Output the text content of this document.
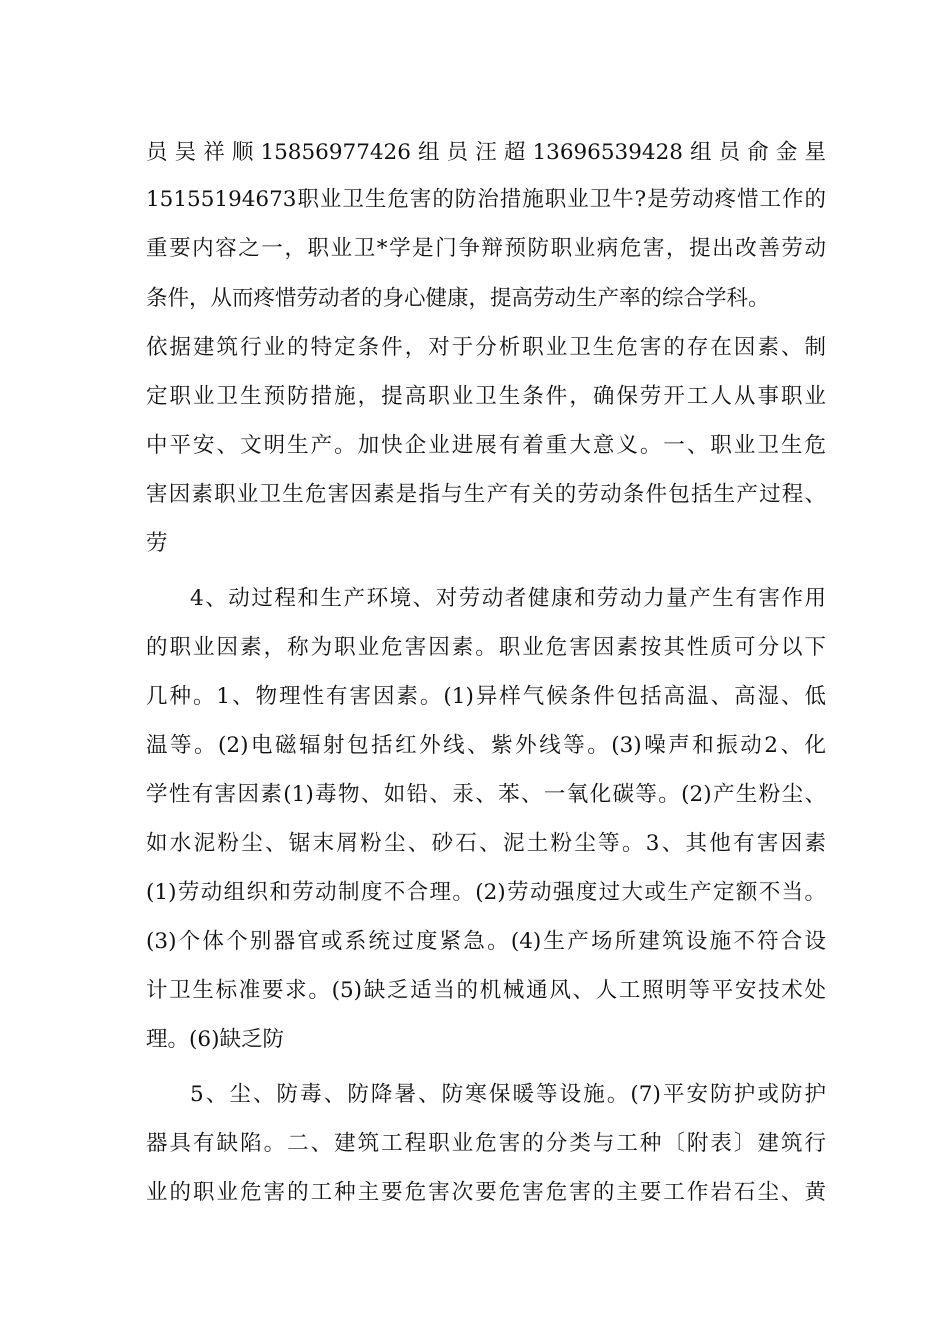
员吴祥顺15856977426组员汪超13696539428组员俞金星
15155194673职业卫生危害的防治措施职业卫牛?是劳动疼惜工作的
重要内容之一，职业卫*学是门争辩预防职业病危害，提出改善劳动
条件，从而疼惜劳动者的身心健康，提高劳动生产率的综合学科。
依据建筑行业的特定条件，对于分析职业卫生危害的存在因素、制
定职业卫生预防措施，提高职业卫生条件，确保劳开工人从事职业
中平安、文明生产。加快企业进展有着重大意义。一、职业卫生危
害因素职业卫生危害因素是指与生产有关的劳动条件包括生产过程、
劳
4、动过程和生产环境、对劳动者健康和劳动力量产生有害作用
的职业因素，称为职业危害因素。职业危害因素按其性质可分以下
几种。1、物理性有害因素。(1)异样气候条件包括高温、高湿、低
温等。(2)电磁辐射包括红外线、紫外线等。(3)噪声和振动2、化
学性有害因素(1)毒物、如铅、汞、苯、一氧化碳等。(2)产生粉尘、
如水泥粉尘、锯末屑粉尘、砂石、泥土粉尘等。3、其他有害因素
(1)劳动组织和劳动制度不合理。(2)劳动强度过大或生产定额不当。
(3)个体个别器官或系统过度紧急。(4)生产场所建筑设施不符合设
计卫生标准要求。(5)缺乏适当的机械通风、人工照明等平安技术处
理。(6)缺乏防
5、尘、防毒、防降暑、防寒保暖等设施。(7)平安防护或防护
器具有缺陷。二、建筑工程职业危害的分类与工种〔附表〕建筑行
业的职业危害的工种主要危害次要危害危害的主要工作岩石尘、黄
